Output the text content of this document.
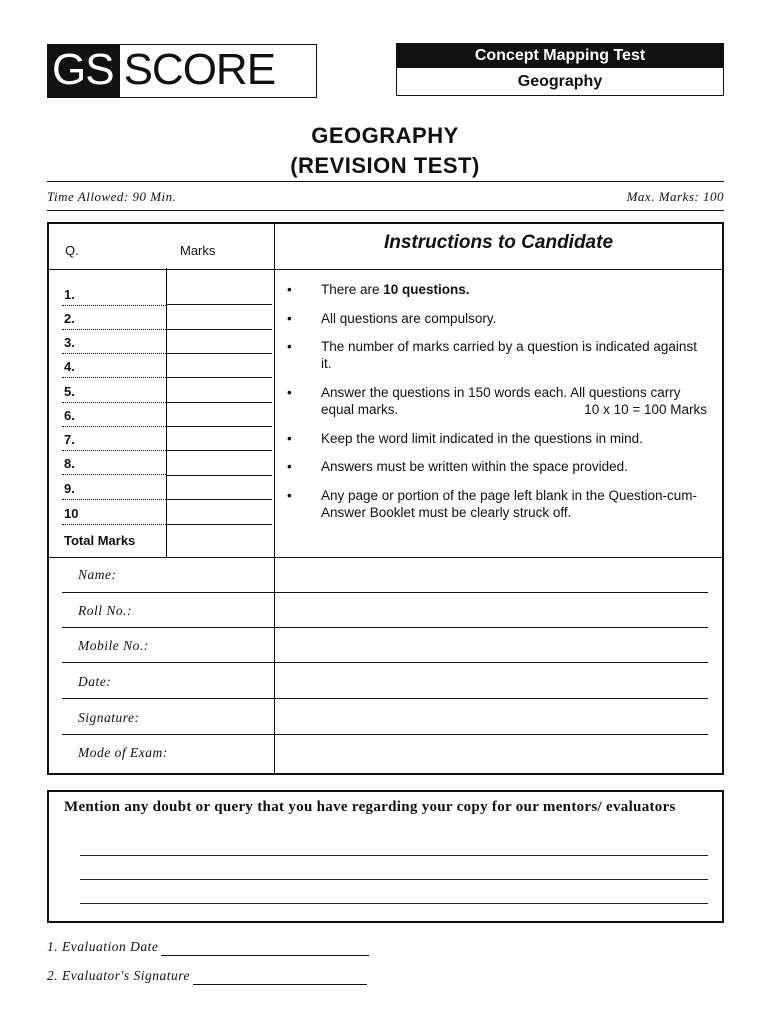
GS SCORE	Concept Mapping Test
Geography
GEOGRAPHY
(REVISION TEST)
Time Allowed: 90 Min.	Max. Marks: 100
Q.	Marks
1.
2.
3.
4.
5.
6.
7.
8.
9.
10
Total Marks
Instructions to Candidate
•	There are 10 questions.
•	All questions are compulsory.
•	The number of marks carried by a question is indicated against it.
•	Answer the questions in 150 words each. All questions carry equal marks.	10 x 10 = 100 Marks
•	Keep the word limit indicated in the questions in mind.
•	Answers must be written within the space provided.
•	Any page or portion of the page left blank in the Question-cum-Answer Booklet must be clearly struck off.
Name:
Roll No.:
Mobile No.:
Date:
Signature:
Mode of Exam:
Mention any doubt or query that you have regarding your copy for our mentors/ evaluators
1. Evaluation Date
2. Evaluator's Signature
